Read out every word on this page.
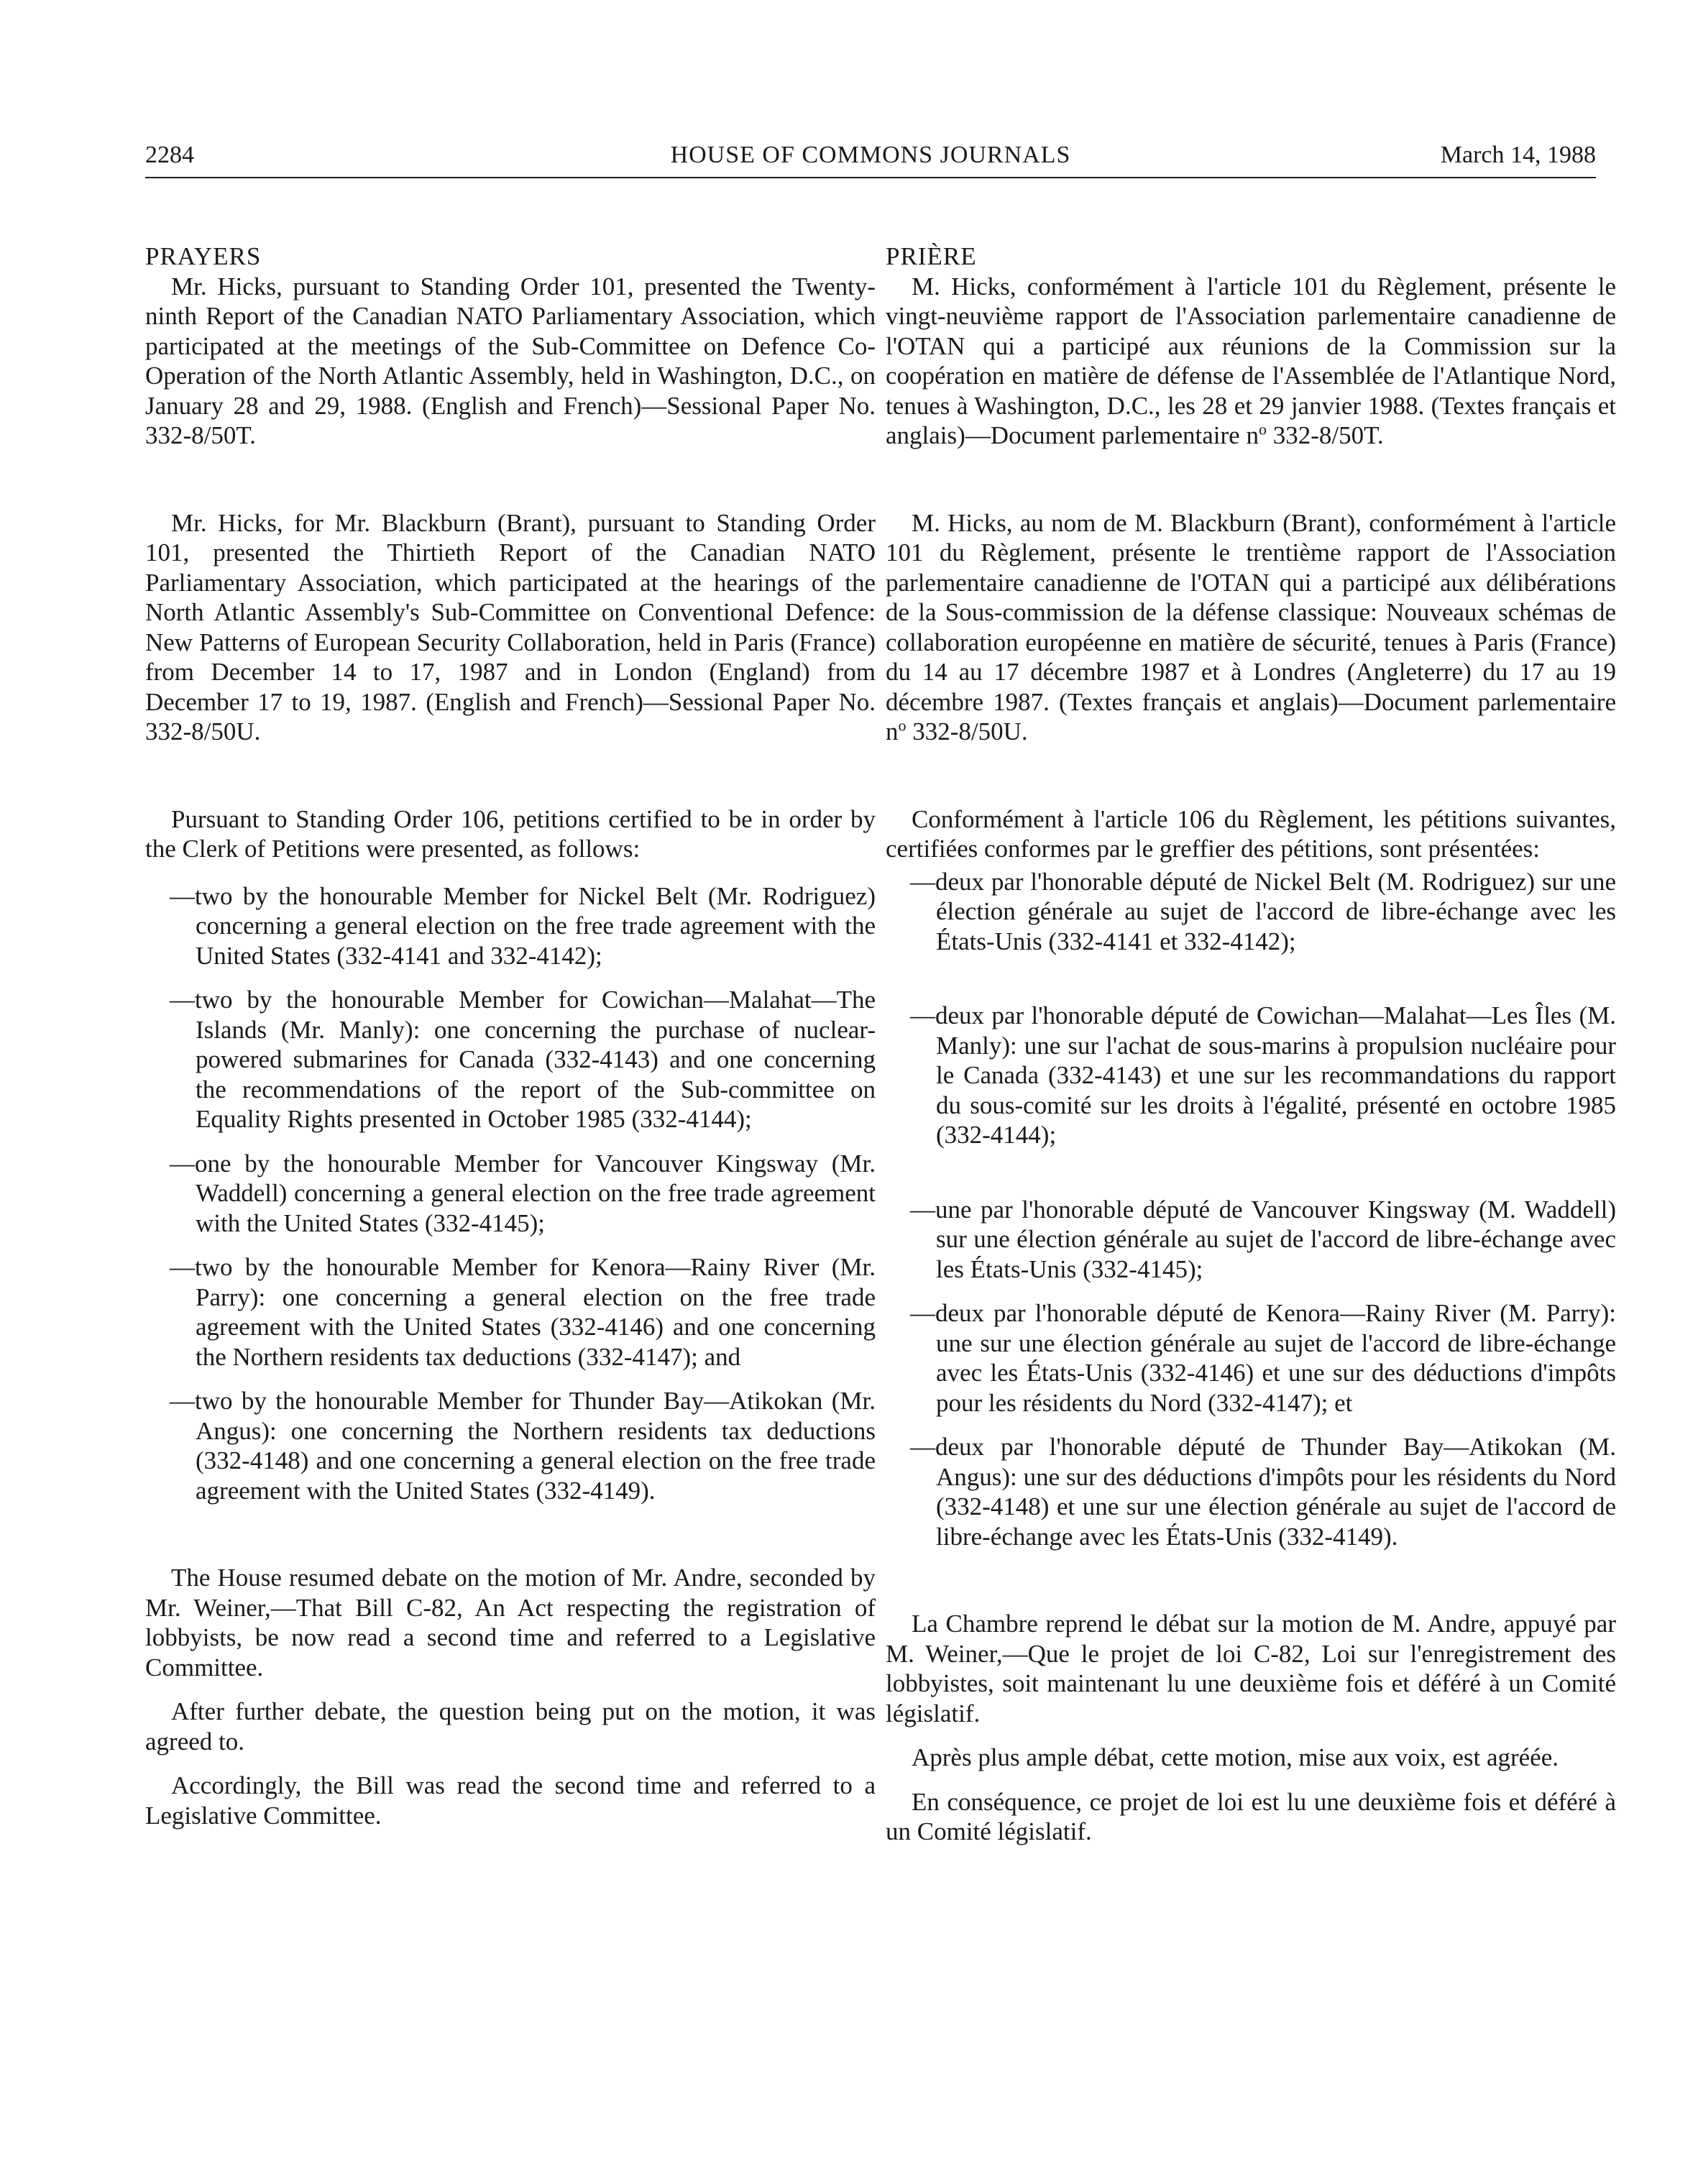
2284	HOUSE OF COMMONS JOURNALS	March 14, 1988

PRAYERS

Mr. Hicks, pursuant to Standing Order 101, presented the Twenty-ninth Report of the Canadian NATO Parliamentary Association, which participated at the meetings of the Sub-Committee on Defence Co-Operation of the North Atlantic Assembly, held in Washington, D.C., on January 28 and 29, 1988. (English and French)—Sessional Paper No. 332-8/50T.

Mr. Hicks, for Mr. Blackburn (Brant), pursuant to Standing Order 101, presented the Thirtieth Report of the Canadian NATO Parliamentary Association, which participated at the hearings of the North Atlantic Assembly's Sub-Committee on Conventional Defence: New Patterns of European Security Collaboration, held in Paris (France) from December 14 to 17, 1987 and in London (England) from December 17 to 19, 1987. (English and French)—Sessional Paper No. 332-8/50U.

Pursuant to Standing Order 106, petitions certified to be in order by the Clerk of Petitions were presented, as follows:

—two by the honourable Member for Nickel Belt (Mr. Rodriguez) concerning a general election on the free trade agreement with the United States (332-4141 and 332-4142);

—two by the honourable Member for Cowichan—Malahat—The Islands (Mr. Manly): one concerning the purchase of nuclear-powered submarines for Canada (332-4143) and one concerning the recommendations of the report of the Sub-committee on Equality Rights presented in October 1985 (332-4144);

—one by the honourable Member for Vancouver Kingsway (Mr. Waddell) concerning a general election on the free trade agreement with the United States (332-4145);

—two by the honourable Member for Kenora—Rainy River (Mr. Parry): one concerning a general election on the free trade agreement with the United States (332-4146) and one concerning the Northern residents tax deductions (332-4147); and

—two by the honourable Member for Thunder Bay—Atikokan (Mr. Angus): one concerning the Northern residents tax deductions (332-4148) and one concerning a general election on the free trade agreement with the United States (332-4149).

The House resumed debate on the motion of Mr. Andre, seconded by Mr. Weiner,—That Bill C-82, An Act respecting the registration of lobbyists, be now read a second time and referred to a Legislative Committee.

After further debate, the question being put on the motion, it was agreed to.

Accordingly, the Bill was read the second time and referred to a Legislative Committee.

PRIÈRE

M. Hicks, conformément à l'article 101 du Règlement, présente le vingt-neuvième rapport de l'Association parlementaire canadienne de l'OTAN qui a participé aux réunions de la Commission sur la coopération en matière de défense de l'Assemblée de l'Atlantique Nord, tenues à Washington, D.C., les 28 et 29 janvier 1988. (Textes français et anglais)—Document parlementaire $n^o$ 332-8/50T.

M. Hicks, au nom de M. Blackburn (Brant), conformément à l'article 101 du Règlement, présente le trentième rapport de l'Association parlementaire canadienne de l'OTAN qui a participé aux délibérations de la Sous-commission de la défense classique: Nouveaux schémas de collaboration européenne en matière de sécurité, tenues à Paris (France) du 14 au 17 décembre 1987 et à Londres (Angleterre) du 17 au 19 décembre 1987. (Textes français et anglais)—Document parlementaire $n^o$ 332-8/50U.

Conformément à l'article 106 du Règlement, les pétitions suivantes, certifiées conformes par le greffier des pétitions, sont présentées:

—deux par l'honorable député de Nickel Belt (M. Rodriguez) sur une élection générale au sujet de l'accord de libre-échange avec les États-Unis (332-4141 et 332-4142);

—deux par l'honorable député de Cowichan—Malahat—Les Îles (M. Manly): une sur l'achat de sous-marins à propulsion nucléaire pour le Canada (332-4143) et une sur les recommandations du rapport du sous-comité sur les droits à l'égalité, présenté en octobre 1985 (332-4144);

—une par l'honorable député de Vancouver Kingsway (M. Waddell) sur une élection générale au sujet de l'accord de libre-échange avec les États-Unis (332-4145);

—deux par l'honorable député de Kenora—Rainy River (M. Parry): une sur une élection générale au sujet de l'accord de libre-échange avec les États-Unis (332-4146) et une sur des déductions d'impôts pour les résidents du Nord (332-4147); et

—deux par l'honorable député de Thunder Bay—Atikokan (M. Angus): une sur des déductions d'impôts pour les résidents du Nord (332-4148) et une sur une élection générale au sujet de l'accord de libre-échange avec les États-Unis (332-4149).

La Chambre reprend le débat sur la motion de M. Andre, appuyé par M. Weiner,—Que le projet de loi C-82, Loi sur l'enregistrement des lobbyistes, soit maintenant lu une deuxième fois et déféré à un Comité législatif.

Après plus ample débat, cette motion, mise aux voix, est agréée.

En conséquence, ce projet de loi est lu une deuxième fois et déféré à un Comité législatif.
